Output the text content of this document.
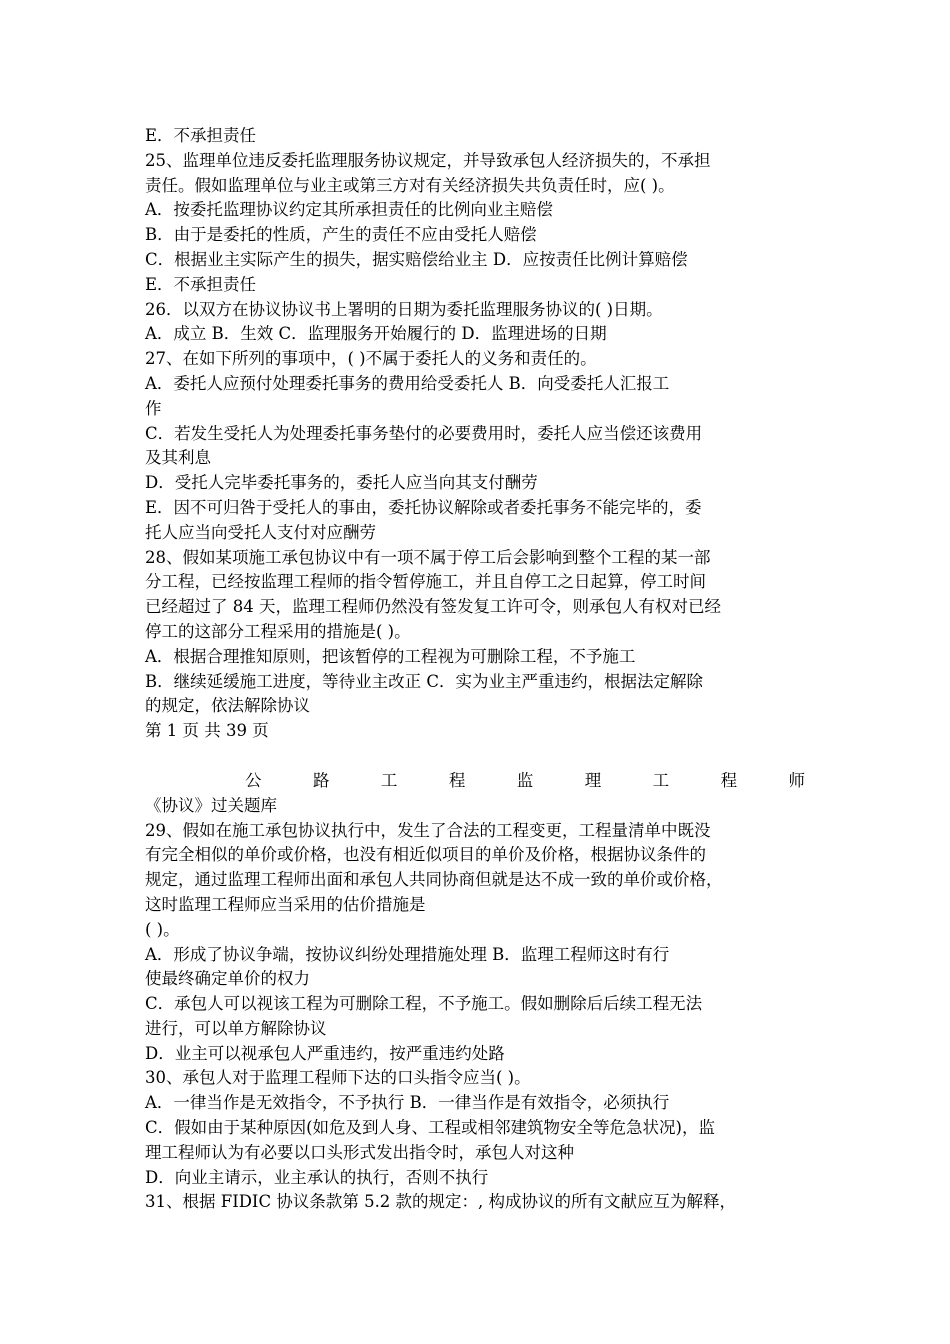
E．不承担责任
25、监理单位违反委托监理服务协议规定，并导致承包人经济损失的，不承担
责任。假如监理单位与业主或第三方对有关经济损失共负责任时，应( )。
A．按委托监理协议约定其所承担责任的比例向业主赔偿
B．由于是委托的性质，产生的责任不应由受托人赔偿
C．根据业主实际产生的损失，据实赔偿给业主 D．应按责任比例计算赔偿
E．不承担责任
26．以双方在协议协议书上署明的日期为委托监理服务协议的( )日期。
A．成立 B．生效 C．监理服务开始履行的 D．监理进场的日期
27、在如下所列的事项中，( )不属于委托人的义务和责任的。
A．委托人应预付处理委托事务的费用给受委托人 B．向受委托人汇报工
作
C．若发生受托人为处理委托事务垫付的必要费用时，委托人应当偿还该费用
及其利息
D．受托人完毕委托事务的，委托人应当向其支付酬劳
E．因不可归咎于受托人的事由，委托协议解除或者委托事务不能完毕的，委
托人应当向受托人支付对应酬劳
28、假如某项施工承包协议中有一项不属于停工后会影响到整个工程的某一部
分工程，已经按监理工程师的指令暂停施工，并且自停工之日起算，停工时间
已经超过了 84 天，监理工程师仍然没有签发复工许可令，则承包人有权对已经
停工的这部分工程采用的措施是( )。
A．根据合理推知原则，把该暂停的工程视为可删除工程，不予施工
B．继续延缓施工进度，等待业主改正 C．实为业主严重违约，根据法定解除
的规定，依法解除协议
第 1 页 共 39 页
公	路	工	程	监	理	工	程	师
《协议》过关题库
29、假如在施工承包协议执行中，发生了合法的工程变更，工程量清单中既没
有完全相似的单价或价格，也没有相近似项目的单价及价格，根据协议条件的
规定，通过监理工程师出面和承包人共同协商但就是达不成一致的单价或价格，
这时监理工程师应当采用的估价措施是
( )。
A．形成了协议争端，按协议纠纷处理措施处理 B．监理工程师这时有行
使最终确定单价的权力
C．承包人可以视该工程为可删除工程，不予施工。假如删除后后续工程无法
进行，可以单方解除协议
D．业主可以视承包人严重违约，按严重违约处路
30、承包人对于监理工程师下达的口头指令应当( )。
A．一律当作是无效指令，不予执行 B．一律当作是有效指令，必须执行
C．假如由于某种原因(如危及到人身、工程或相邻建筑物安全等危急状况)，监
理工程师认为有必要以口头形式发出指令时，承包人对这种
D．向业主请示，业主承认的执行，否则不执行
31、根据 FIDIC 协议条款第 5.2 款的规定：, 构成协议的所有文献应互为解释，
